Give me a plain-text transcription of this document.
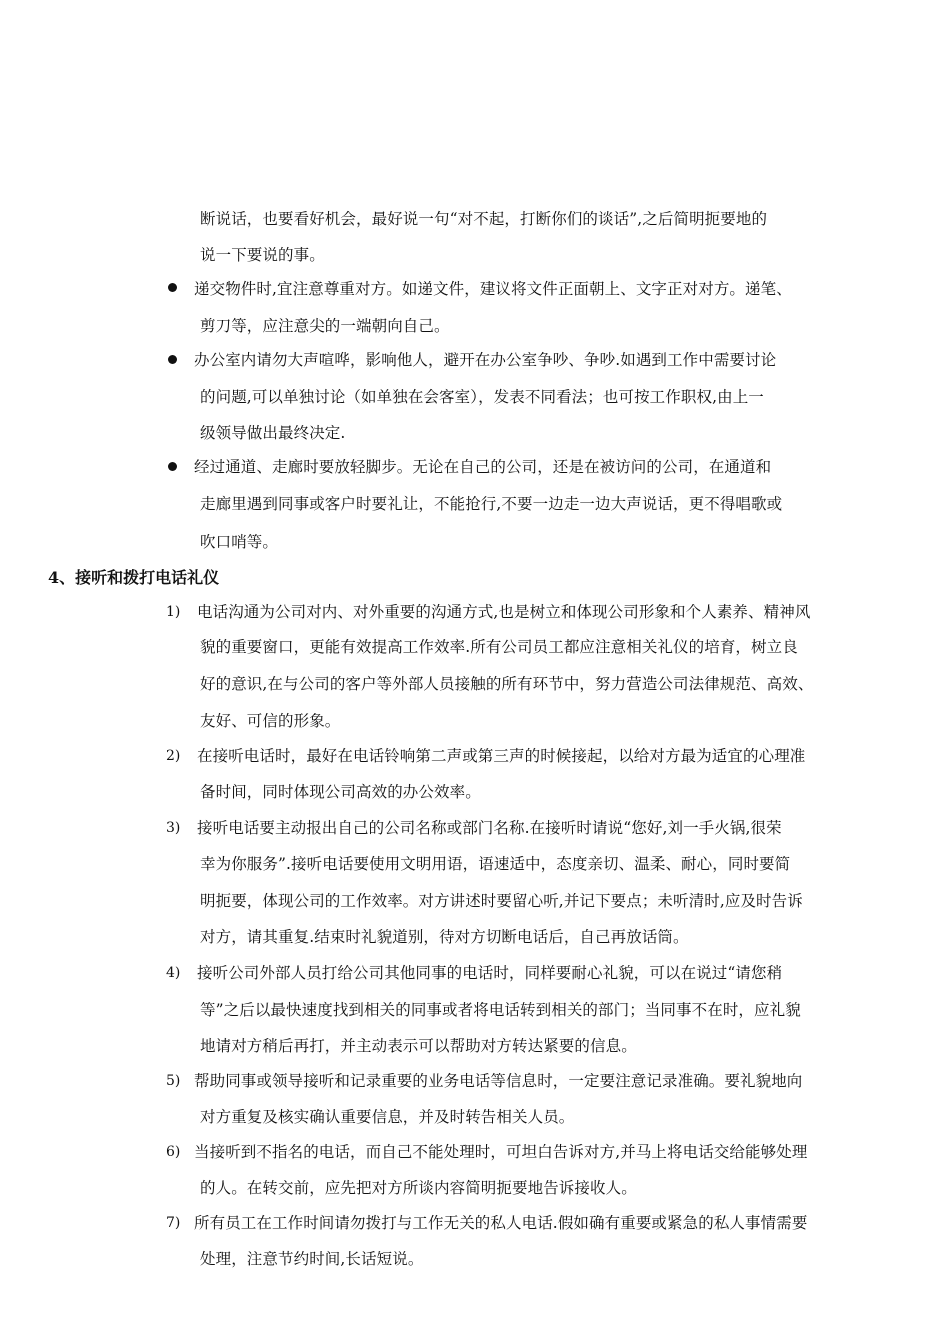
断说话，也要看好机会，最好说一句“对不起，打断你们的谈话”,之后简明扼要地的
说一下要说的事。
递交物件时,宜注意尊重对方。如递文件，建议将文件正面朝上、文字正对对方。递笔、
剪刀等，应注意尖的一端朝向自己。
办公室内请勿大声喧哗，影响他人，避开在办公室争吵、争吵.如遇到工作中需要讨论
的问题,可以单独讨论（如单独在会客室），发表不同看法；也可按工作职权,由上一
级领导做出最终决定.
经过通道、走廊时要放轻脚步。无论在自己的公司，还是在被访问的公司，在通道和
走廊里遇到同事或客户时要礼让，不能抢行,不要一边走一边大声说话，更不得唱歌或
吹口哨等。
4、接听和拨打电话礼仪
1) 电话沟通为公司对内、对外重要的沟通方式,也是树立和体现公司形象和个人素养、精神风
貌的重要窗口，更能有效提高工作效率.所有公司员工都应注意相关礼仪的培育，树立良
好的意识,在与公司的客户等外部人员接触的所有环节中，努力营造公司法律规范、高效、
友好、可信的形象。
2) 在接听电话时，最好在电话铃响第二声或第三声的时候接起，以给对方最为适宜的心理准
备时间，同时体现公司高效的办公效率。
3) 接听电话要主动报出自己的公司名称或部门名称.在接听时请说“您好,刘一手火锅,很荣
幸为你服务”.接听电话要使用文明用语，语速适中，态度亲切、温柔、耐心，同时要简
明扼要，体现公司的工作效率。对方讲述时要留心听,并记下要点；未听清时,应及时告诉
对方，请其重复.结束时礼貌道别，待对方切断电话后，自己再放话筒。
4) 接听公司外部人员打给公司其他同事的电话时，同样要耐心礼貌，可以在说过“请您稍
等”之后以最快速度找到相关的同事或者将电话转到相关的部门；当同事不在时，应礼貌
地请对方稍后再打，并主动表示可以帮助对方转达紧要的信息。
5) 帮助同事或领导接听和记录重要的业务电话等信息时，一定要注意记录准确。要礼貌地向
对方重复及核实确认重要信息，并及时转告相关人员。
6) 当接听到不指名的电话，而自己不能处理时，可坦白告诉对方,并马上将电话交给能够处理
的人。在转交前，应先把对方所谈内容简明扼要地告诉接收人。
7) 所有员工在工作时间请勿拨打与工作无关的私人电话.假如确有重要或紧急的私人事情需要
处理，注意节约时间,长话短说。
